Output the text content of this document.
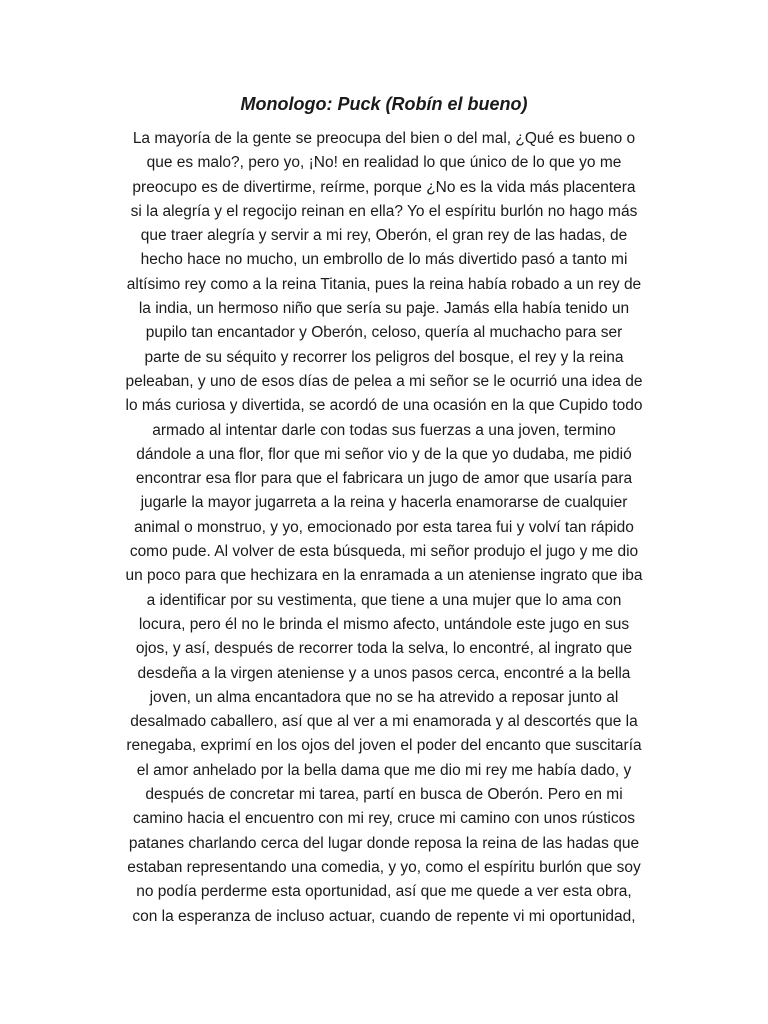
Monologo: Puck (Robín el bueno)
La mayoría de la gente se preocupa del bien o del mal, ¿Qué es bueno o
que es malo?, pero yo, ¡No! en realidad lo que único de lo que yo me
preocupo es de divertirme, reírme, porque ¿No es la vida más placentera
si la alegría y el regocijo reinan en ella? Yo el espíritu burlón no hago más
que traer alegría y servir a mi rey, Oberón, el gran rey de las hadas, de
hecho hace no mucho, un embrollo de lo más divertido pasó a tanto mi
altísimo rey como a la reina Titania, pues la reina había robado a un rey de
la india, un hermoso niño que sería su paje. Jamás ella había tenido un
pupilo tan encantador y Oberón, celoso, quería al muchacho para ser
parte de su séquito y recorrer los peligros del bosque, el rey y la reina
peleaban, y uno de esos días de pelea a mi señor se le ocurrió una idea de
lo más curiosa y divertida, se acordó de una ocasión en la que Cupido todo
armado al intentar darle con todas sus fuerzas a una joven, termino
dándole a una flor, flor que mi señor vio y de la que yo dudaba, me pidió
encontrar esa flor para que el fabricara un jugo de amor que usaría para
jugarle la mayor jugarreta a la reina y hacerla enamorarse de cualquier
animal o monstruo, y yo, emocionado por esta tarea fui y volví tan rápido
como pude. Al volver de esta búsqueda, mi señor produjo el jugo y me dio
un poco para que hechizara en la enramada a un ateniense ingrato que iba
a identificar por su vestimenta, que tiene a una mujer que lo ama con
locura, pero él no le brinda el mismo afecto, untándole este jugo en sus
ojos, y así, después de recorrer toda la selva, lo encontré, al ingrato que
desdeña a la virgen ateniense y a unos pasos cerca, encontré a la bella
joven, un alma encantadora que no se ha atrevido a reposar junto al
desalmado caballero, así que al ver a mi enamorada y al descortés que la
renegaba, exprimí en los ojos del joven el poder del encanto que suscitaría
el amor anhelado por la bella dama que me dio mi rey me había dado, y
después de concretar mi tarea, partí en busca de Oberón. Pero en mi
camino hacia el encuentro con mi rey, cruce mi camino con unos rústicos
patanes charlando cerca del lugar donde reposa la reina de las hadas que
estaban representando una comedia, y yo, como el espíritu burlón que soy
no podía perderme esta oportunidad, así que me quede a ver esta obra,
con la esperanza de incluso actuar, cuando de repente vi mi oportunidad,
